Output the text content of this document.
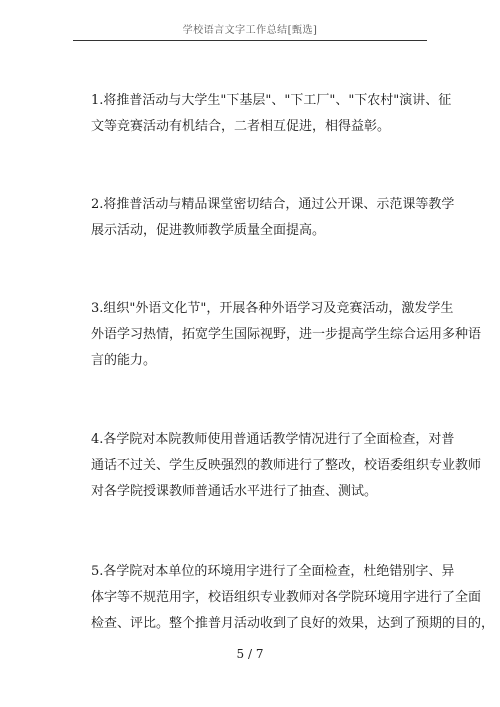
学校语言文字工作总结[甄选]

1.将推普活动与大学生"下基层"、"下工厂"、"下农村"演讲、征
文等竞赛活动有机结合，二者相互促进，相得益彰。

2.将推普活动与精品课堂密切结合，通过公开课、示范课等教学
展示活动，促进教师教学质量全面提高。

3.组织"外语文化节"，开展各种外语学习及竞赛活动，激发学生
外语学习热情，拓宽学生国际视野，进一步提高学生综合运用多种语
言的能力。

4.各学院对本院教师使用普通话教学情况进行了全面检查，对普
通话不过关、学生反映强烈的教师进行了整改，校语委组织专业教师
对各学院授课教师普通话水平进行了抽查、测试。

5.各学院对本单位的环境用字进行了全面检查，杜绝错别字、异
体字等不规范用字，校语组织专业教师对各学院环境用字进行了全面
检查、评比。整个推普月活动收到了良好的效果，达到了预期的目的，

5 / 7
